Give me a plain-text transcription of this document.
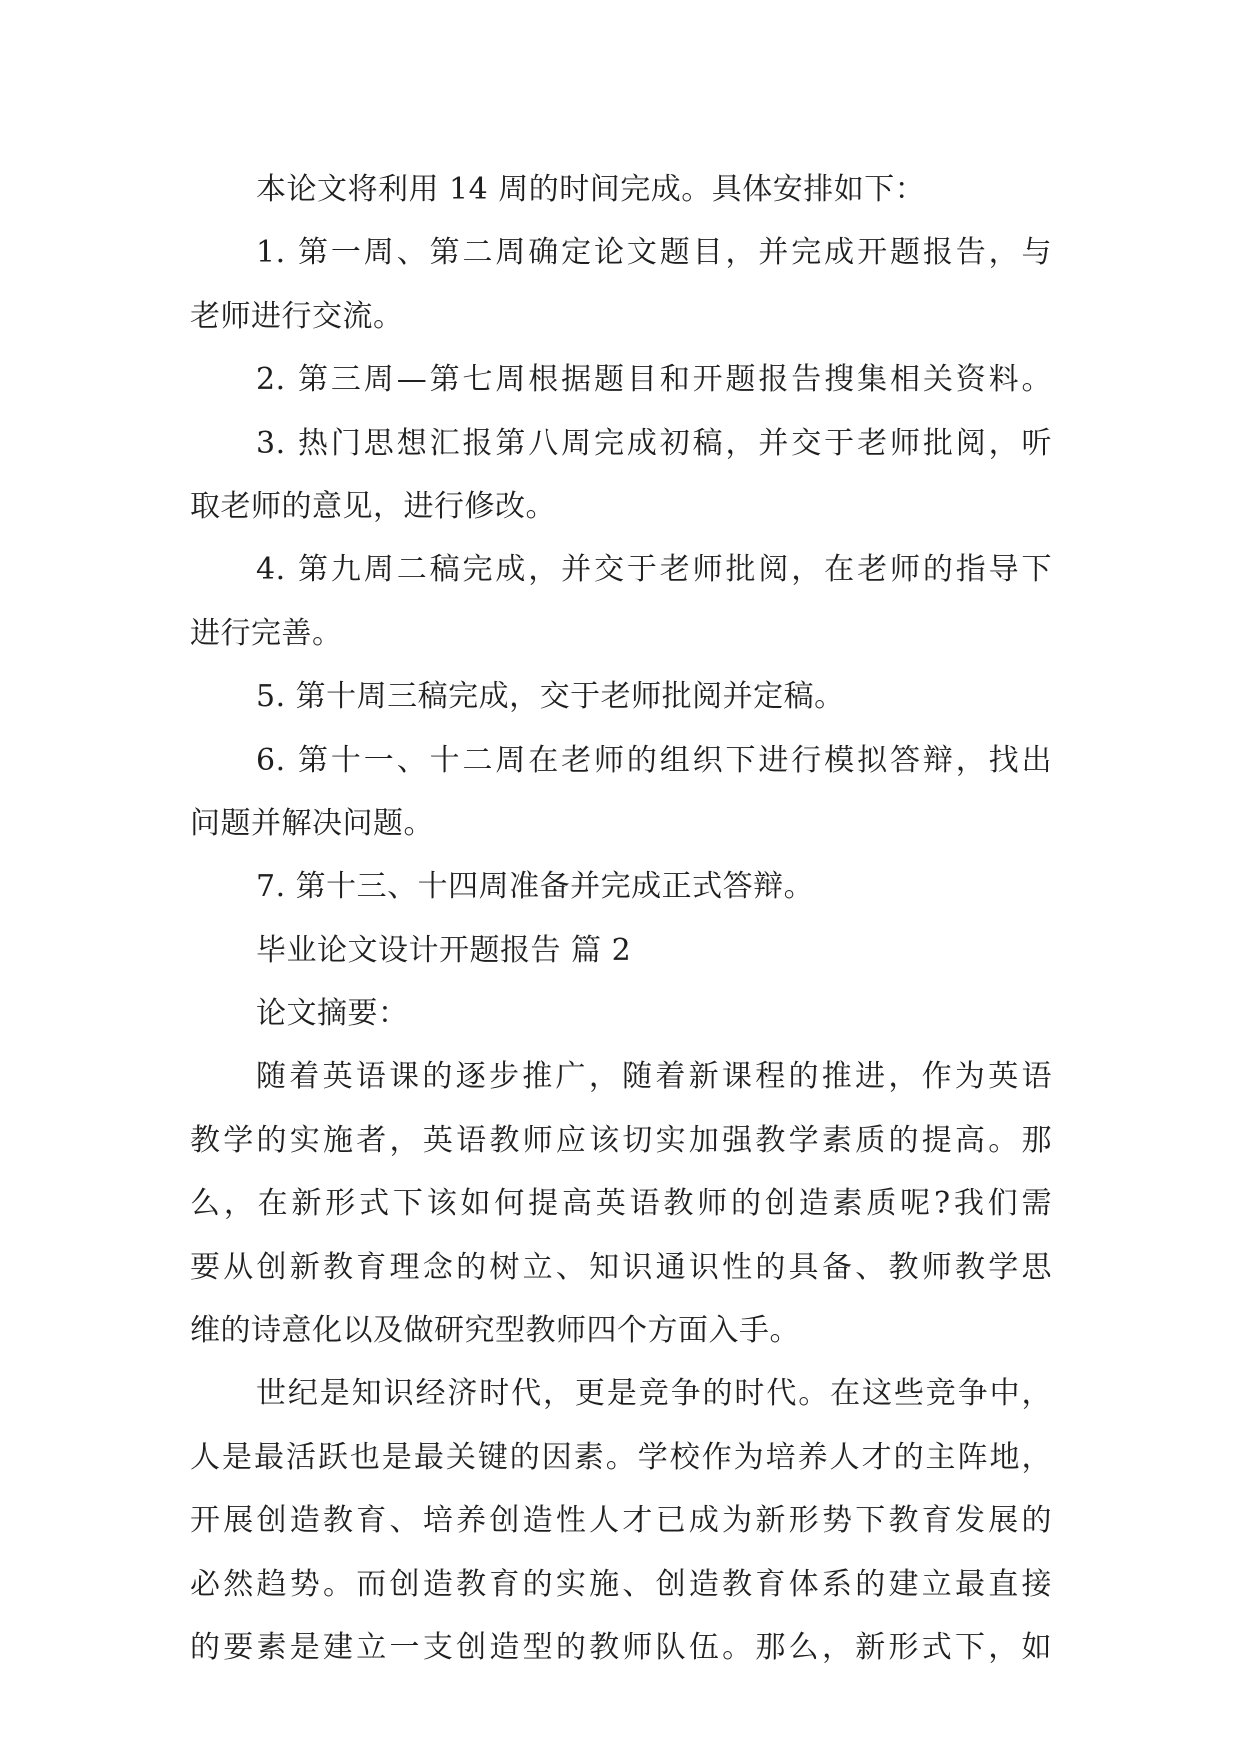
本论文将利用 14 周的时间完成。具体安排如下：
1. 第一周、第二周确定论文题目，并完成开题报告，与
老师进行交流。
2. 第三周—第七周根据题目和开题报告搜集相关资料。
3. 热门思想汇报第八周完成初稿，并交于老师批阅，听
取老师的意见，进行修改。
4. 第九周二稿完成，并交于老师批阅，在老师的指导下
进行完善。
5. 第十周三稿完成，交于老师批阅并定稿。
6. 第十一、十二周在老师的组织下进行模拟答辩，找出
问题并解决问题。
7. 第十三、十四周准备并完成正式答辩。
毕业论文设计开题报告 篇 2
论文摘要：
随着英语课的逐步推广，随着新课程的推进，作为英语
教学的实施者，英语教师应该切实加强教学素质的提高。那
么，在新形式下该如何提高英语教师的创造素质呢?我们需
要从创新教育理念的树立、知识通识性的具备、教师教学思
维的诗意化以及做研究型教师四个方面入手。
世纪是知识经济时代，更是竞争的时代。在这些竞争中，
人是最活跃也是最关键的因素。学校作为培养人才的主阵地，
开展创造教育、培养创造性人才已成为新形势下教育发展的
必然趋势。而创造教育的实施、创造教育体系的建立最直接
的要素是建立一支创造型的教师队伍。那么，新形式下，如
